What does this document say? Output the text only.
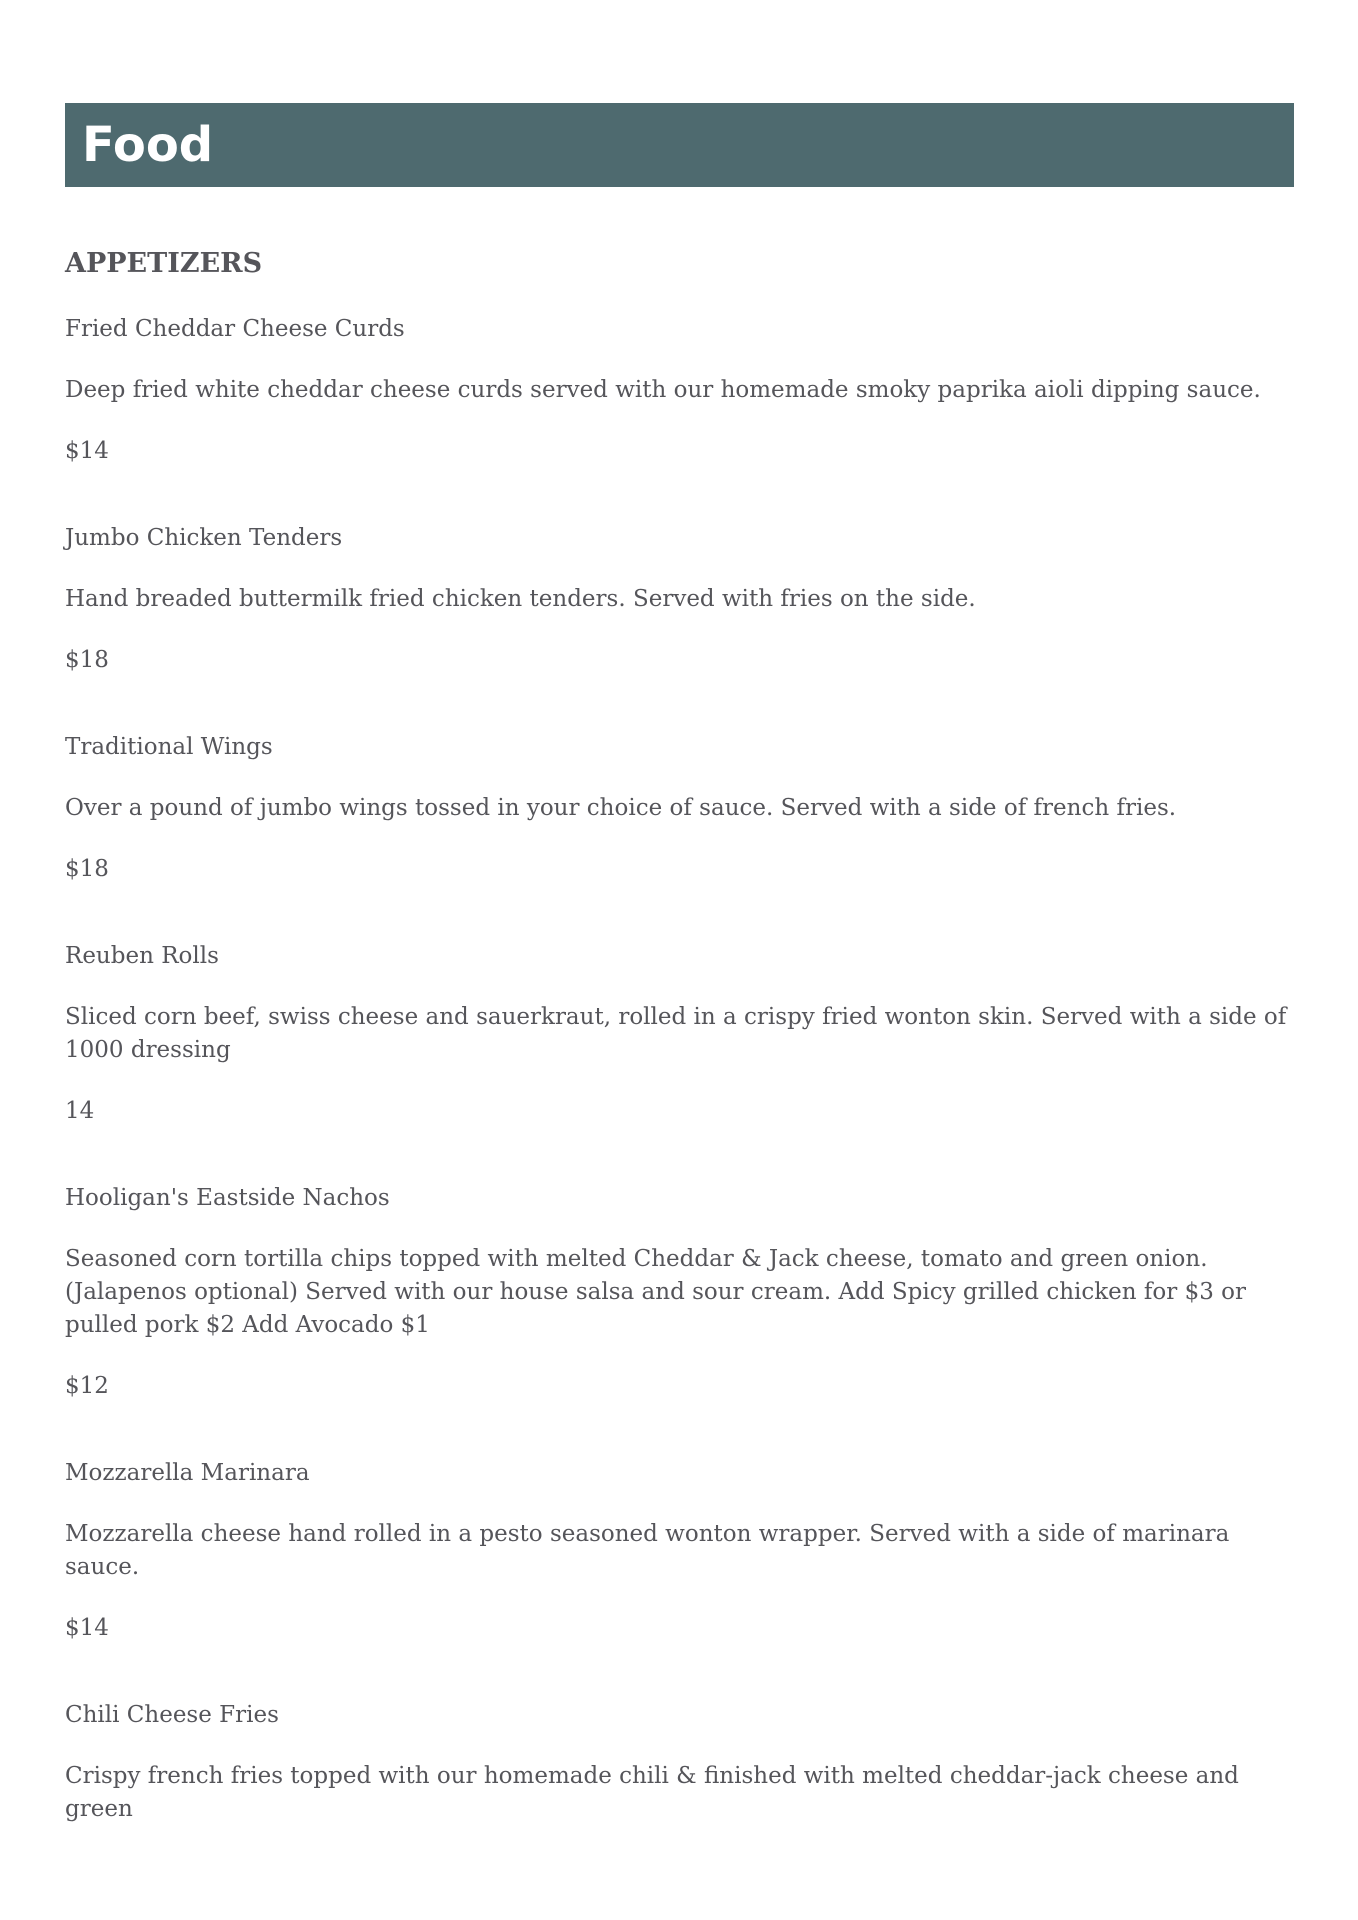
Food
APPETIZERS

Fried Cheddar Cheese Curds

Deep fried white cheddar cheese curds served with our homemade smoky paprika aioli dipping sauce.

$14

Jumbo Chicken Tenders

Hand breaded buttermilk fried chicken tenders. Served with fries on the side.

$18

Traditional Wings

Over a pound of jumbo wings tossed in your choice of sauce. Served with a side of french fries.

$18

Reuben Rolls

Sliced corn beef, swiss cheese and sauerkraut, rolled in a crispy fried wonton skin. Served with a side of 1000 dressing

14

Hooligan's Eastside Nachos

Seasoned corn tortilla chips topped with melted Cheddar & Jack cheese, tomato and green onion. (Jalapenos optional) Served with our house salsa and sour cream. Add Spicy grilled chicken for $3 or pulled pork $2 Add Avocado $1

$12

Mozzarella Marinara

Mozzarella cheese hand rolled in a pesto seasoned wonton wrapper. Served with a side of marinara sauce.

$14

Chili Cheese Fries

Crispy french fries topped with our homemade chili & finished with melted cheddar-jack cheese and green
